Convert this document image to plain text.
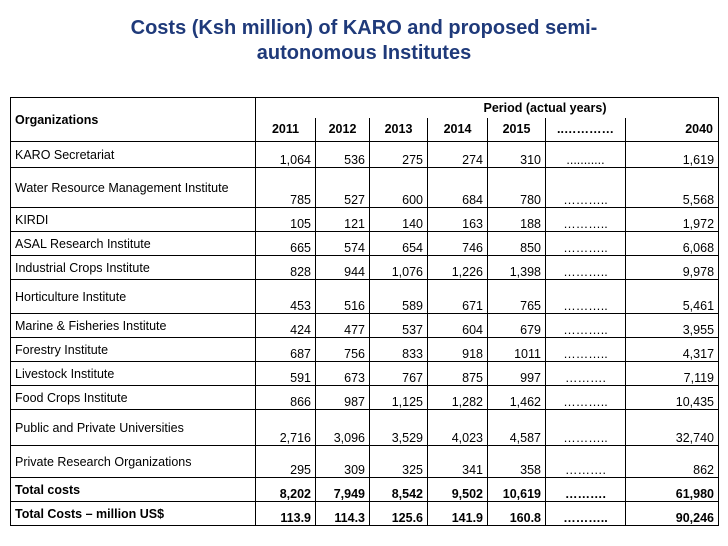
Costs (Ksh million) of KARO and proposed semi-
autonomous Institutes
Organizations	Period (actual years)						
	2011	2012	2013	2014	2015	..…………	2040
KARO Secretariat	1,064	536	275	274	310	...........	1,619
Water Resource Management Institute	785	527	600	684	780	………..	5,568
KIRDI	105	121	140	163	188	………..	1,972
ASAL Research Institute	665	574	654	746	850	………..	6,068
Industrial Crops Institute	828	944	1,076	1,226	1,398	………..	9,978
Horticulture Institute	453	516	589	671	765	………..	5,461
Marine & Fisheries Institute	424	477	537	604	679	………..	3,955
Forestry Institute	687	756	833	918	1011	………..	4,317
Livestock Institute	591	673	767	875	997	……….	7,119
Food Crops Institute	866	987	1,125	1,282	1,462	………..	10,435
Public and Private Universities	2,716	3,096	3,529	4,023	4,587	………..	32,740
Private Research Organizations	295	309	325	341	358	……….	862
Total costs	8,202	7,949	8,542	9,502	10,619	……….	61,980
Total Costs – million US$	113.9	114.3	125.6	141.9	160.8	………..	90,246
